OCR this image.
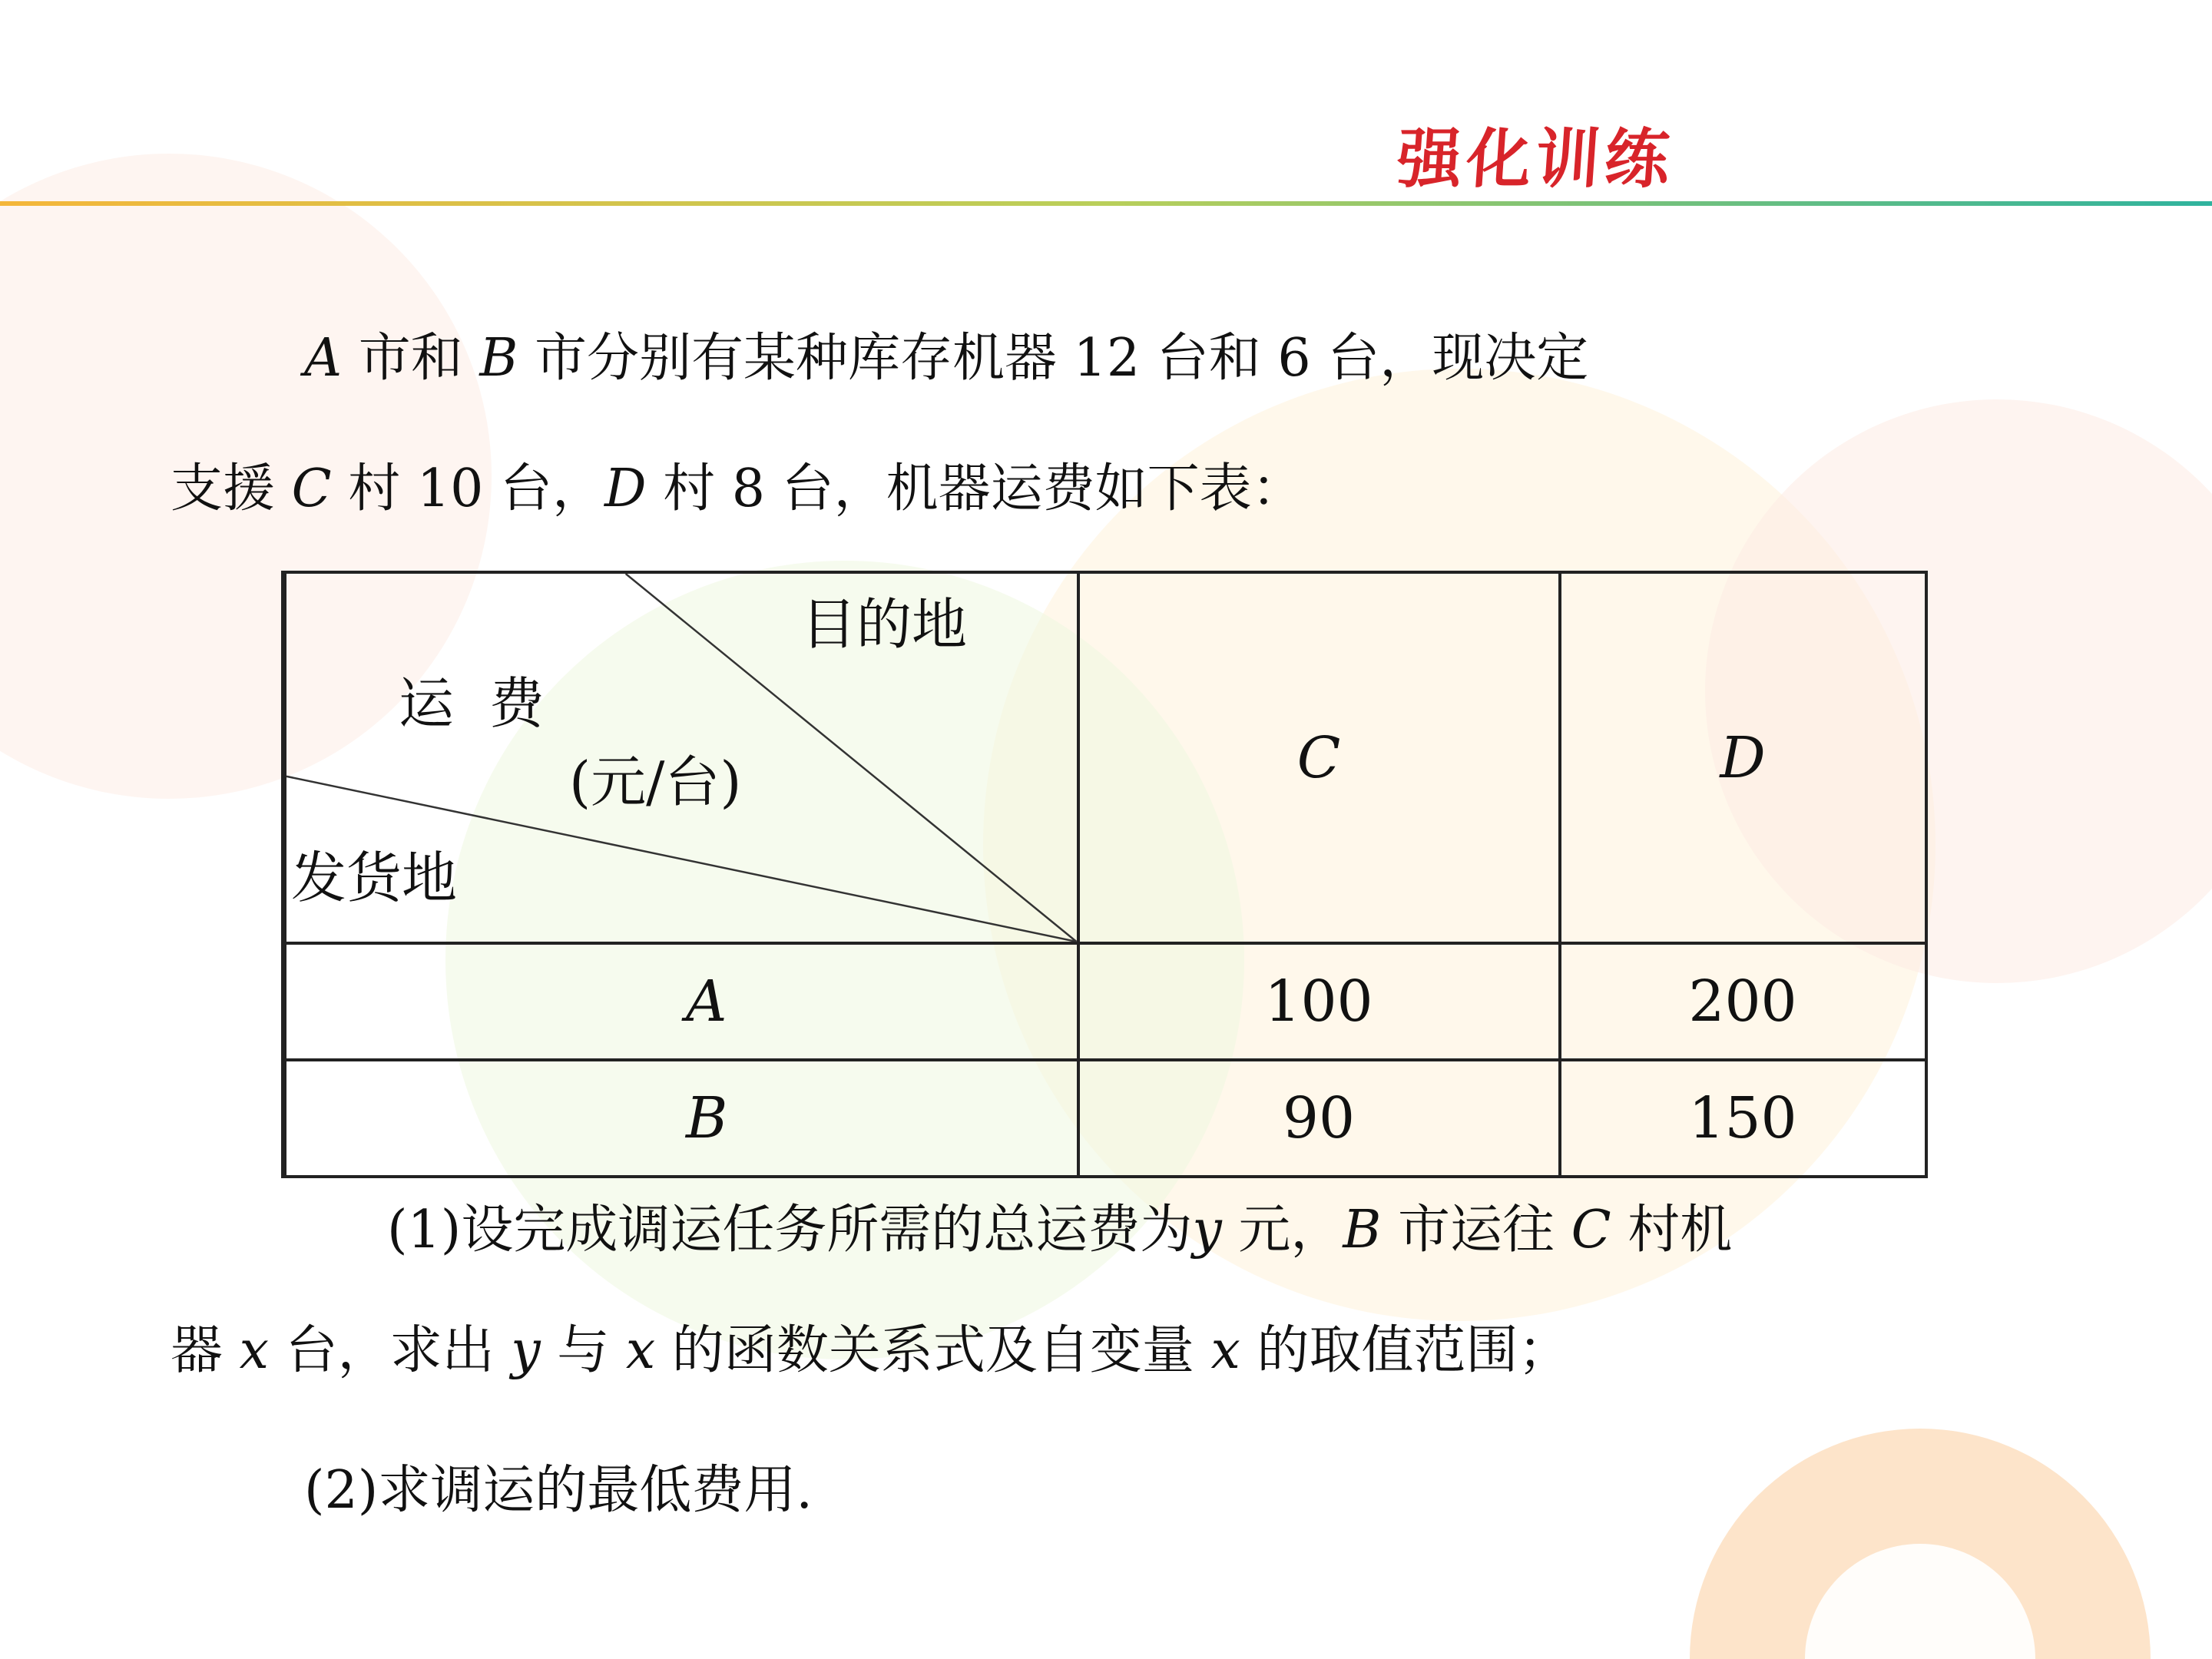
强化训练
A 市和 B 市分别有某种库存机器 12 台和 6 台，现决定
支援 C 村 10 台，D 村 8 台，机器运费如下表：
目的地
运  费
(元/台)
发货地	C	D
A	100	200
B	90	150
(1)设完成调运任务所需的总运费为y 元，B 市运往 C 村机
器 x 台，求出 y 与 x 的函数关系式及自变量 x 的取值范围；
(2)求调运的最低费用.
